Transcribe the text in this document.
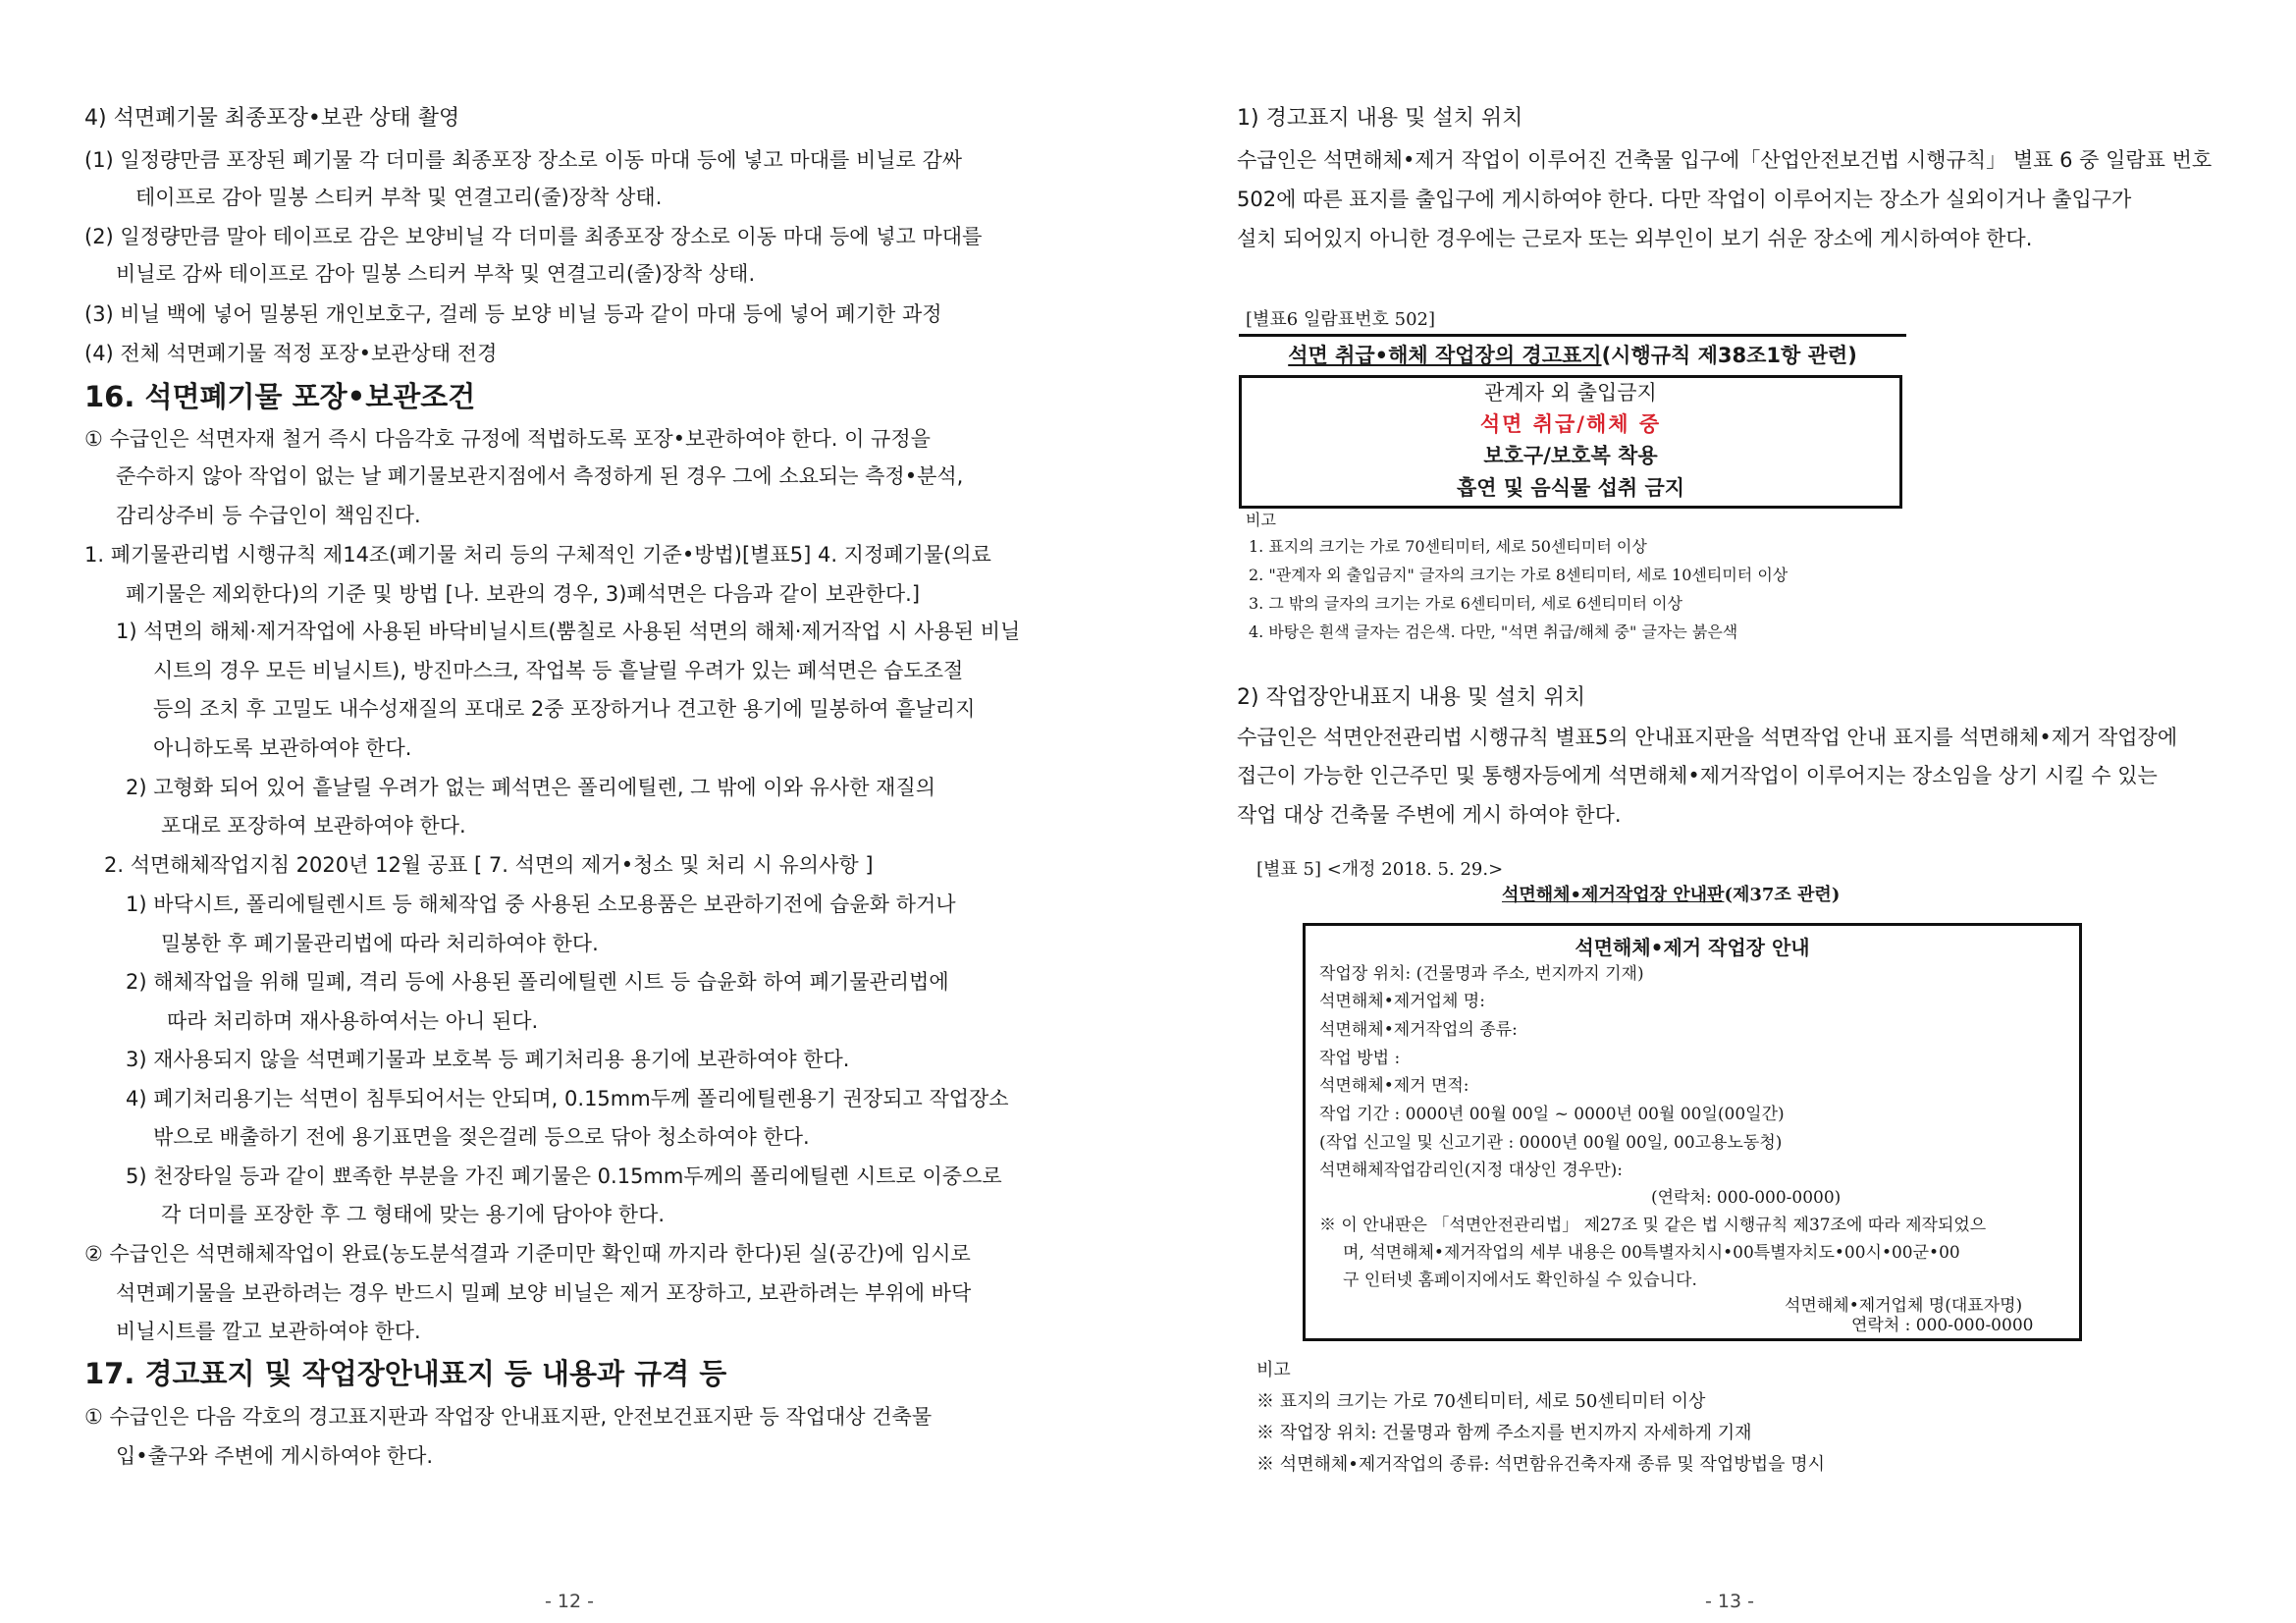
4) 석면폐기물 최종포장•보관 상태 촬영
(1) 일정량만큼 포장된 폐기물 각 더미를 최종포장 장소로 이동 마대 등에 넣고 마대를 비닐로 감싸
테이프로 감아 밀봉 스티커 부착 및 연결고리(줄)장착 상태.
(2) 일정량만큼 말아 테이프로 감은 보양비닐 각 더미를 최종포장 장소로 이동 마대 등에 넣고 마대를
비닐로 감싸 테이프로 감아 밀봉 스티커 부착 및 연결고리(줄)장착 상태.
(3) 비닐 백에 넣어 밀봉된 개인보호구, 걸레 등 보양 비닐 등과 같이 마대 등에 넣어 폐기한 과정
(4) 전체 석면폐기물 적정 포장•보관상태 전경
16. 석면폐기물 포장•보관조건
① 수급인은 석면자재 철거 즉시 다음각호 규정에 적법하도록 포장•보관하여야 한다. 이 규정을
준수하지 않아 작업이 없는 날 폐기물보관지점에서 측정하게 된 경우 그에 소요되는 측정•분석,
감리상주비 등 수급인이 책임진다.
1. 폐기물관리법 시행규칙 제14조(폐기물 처리 등의 구체적인 기준•방법)[별표5] 4. 지정폐기물(의료
폐기물은 제외한다)의 기준 및 방법 [나. 보관의 경우, 3)폐석면은 다음과 같이 보관한다.]
1) 석면의 해체·제거작업에 사용된 바닥비닐시트(뿜칠로 사용된 석면의 해체·제거작업 시 사용된 비닐
시트의 경우 모든 비닐시트), 방진마스크, 작업복 등 흩날릴 우려가 있는 폐석면은 습도조절
등의 조치 후 고밀도 내수성재질의 포대로 2중 포장하거나 견고한 용기에 밀봉하여 흩날리지
아니하도록 보관하여야 한다.
2) 고형화 되어 있어 흩날릴 우려가 없는 폐석면은 폴리에틸렌, 그 밖에 이와 유사한 재질의
포대로 포장하여 보관하여야 한다.
2. 석면해체작업지침 2020년 12월 공표 [ 7. 석면의 제거•청소 및 처리 시 유의사항 ]
1) 바닥시트, 폴리에틸렌시트 등 해체작업 중 사용된 소모용품은 보관하기전에 습윤화 하거나
밀봉한 후 폐기물관리법에 따라 처리하여야 한다.
2) 해체작업을 위해 밀폐, 격리 등에 사용된 폴리에틸렌 시트 등 습윤화 하여 폐기물관리법에
따라 처리하며 재사용하여서는 아니 된다.
3) 재사용되지 않을 석면폐기물과 보호복 등 폐기처리용 용기에 보관하여야 한다.
4) 폐기처리용기는 석면이 침투되어서는 안되며, 0.15mm두께 폴리에틸렌용기 권장되고 작업장소
밖으로 배출하기 전에 용기표면을 젖은걸레 등으로 닦아 청소하여야 한다.
5) 천장타일 등과 같이 뾰족한 부분을 가진 폐기물은 0.15mm두께의 폴리에틸렌 시트로 이중으로
각 더미를 포장한 후 그 형태에 맞는 용기에 담아야 한다.
② 수급인은 석면해체작업이 완료(농도분석결과 기준미만 확인때 까지라 한다)된 실(공간)에 임시로
석면폐기물을 보관하려는 경우 반드시 밀폐 보양 비닐은 제거 포장하고, 보관하려는 부위에 바닥
비닐시트를 깔고 보관하여야 한다.
17. 경고표지 및 작업장안내표지 등 내용과 규격 등
① 수급인은 다음 각호의 경고표지판과 작업장 안내표지판, 안전보건표지판 등 작업대상 건축물
입•출구와 주변에 게시하여야 한다.
- 12 -
1) 경고표지 내용 및 설치 위치
수급인은 석면해체•제거 작업이 이루어진 건축물 입구에「산업안전보건법 시행규칙」 별표 6 중 일람표 번호
502에 따른 표지를 출입구에 게시하여야 한다. 다만 작업이 이루어지는 장소가 실외이거나 출입구가
설치 되어있지 아니한 경우에는 근로자 또는 외부인이 보기 쉬운 장소에 게시하여야 한다.
[별표6 일람표번호 502]
석면 취급•해체 작업장의 경고표지(시행규칙 제38조1항 관련)
관계자 외 출입금지
석면 취급/해체 중
보호구/보호복 착용
흡연 및 음식물 섭취 금지
비고
1. 표지의 크기는 가로 70센티미터, 세로 50센티미터 이상
2. "관계자 외 출입금지" 글자의 크기는 가로 8센티미터, 세로 10센티미터 이상
3. 그 밖의 글자의 크기는 가로 6센티미터, 세로 6센티미터 이상
4. 바탕은 흰색 글자는 검은색. 다만, "석면 취급/해체 중" 글자는 붉은색
2) 작업장안내표지 내용 및 설치 위치
수급인은 석면안전관리법 시행규칙 별표5의 안내표지판을 석면작업 안내 표지를 석면해체•제거 작업장에
접근이 가능한 인근주민 및 통행자등에게 석면해체•제거작업이 이루어지는 장소임을 상기 시킬 수 있는
작업 대상 건축물 주변에 게시 하여야 한다.
[별표 5] <개정 2018. 5. 29.>
석면해체•제거작업장 안내판(제37조 관련)
석면해체•제거 작업장 안내
작업장 위치: (건물명과 주소, 번지까지 기재)
석면해체•제거업체 명:
석면해체•제거작업의 종류:
작업 방법 :
석면해체•제거 면적:
작업 기간 : 0000년 00월 00일 ~ 0000년 00월 00일(00일간)
(작업 신고일 및 신고기관 : 0000년 00월 00일, 00고용노동청)
석면해체작업감리인(지정 대상인 경우만):
(연락처: 000-000-0000)
※ 이 안내판은 「석면안전관리법」 제27조 및 같은 법 시행규칙 제37조에 따라 제작되었으
며, 석면해체•제거작업의 세부 내용은 00특별자치시•00특별자치도•00시•00군•00
구 인터넷 홈페이지에서도 확인하실 수 있습니다.
석면해체•제거업체 명(대표자명)
연락처 : 000-000-0000
비고
※ 표지의 크기는 가로 70센티미터, 세로 50센티미터 이상
※ 작업장 위치: 건물명과 함께 주소지를 번지까지 자세하게 기재
※ 석면해체•제거작업의 종류: 석면함유건축자재 종류 및 작업방법을 명시
- 13 -
